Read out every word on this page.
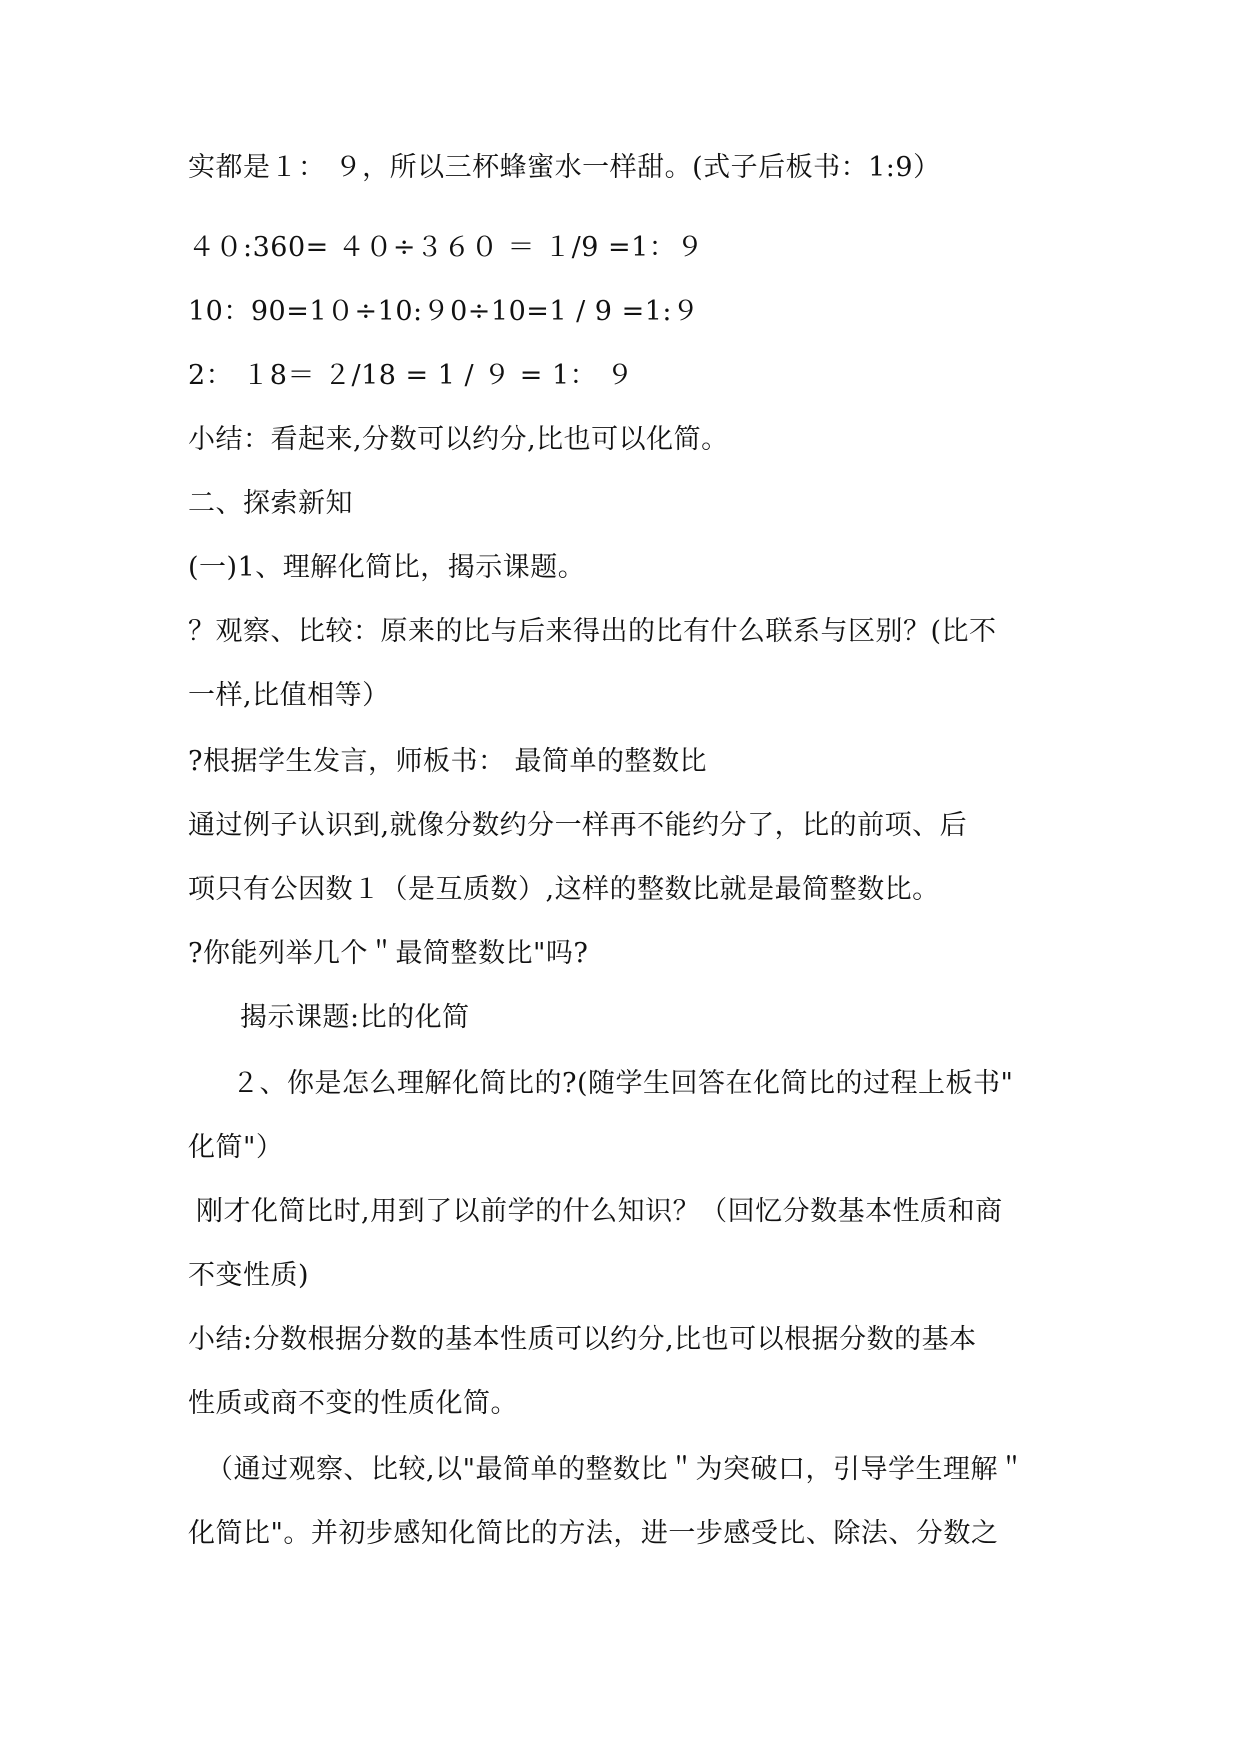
实都是１： ９，所以三杯蜂蜜水一样甜。(式子后板书：1:9）
４０:360= ４０÷３６０ ＝ １/9 =1：９
10：90=1０÷10:９0÷10=1 / 9 =1:９
2： １8＝ ２/18 = 1 / ９ = 1： ９
小结：看起来,分数可以约分,比也可以化简。
二、探索新知
(一)1、理解化简比，揭示课题。
？观察、比较：原来的比与后来得出的比有什么联系与区别？(比不
一样,比值相等）
?根据学生发言，师板书： 最简单的整数比
通过例子认识到,就像分数约分一样再不能约分了，比的前项、后
项只有公因数１（是互质数）,这样的整数比就是最简整数比。
?你能列举几个＂最简整数比"吗?
揭示课题:比的化简
２、你是怎么理解化简比的?(随学生回答在化简比的过程上板书"
化简"）
刚才化简比时,用到了以前学的什么知识？（回忆分数基本性质和商
不变性质)
小结:分数根据分数的基本性质可以约分,比也可以根据分数的基本
性质或商不变的性质化简。
（通过观察、比较,以"最简单的整数比＂为突破口，引导学生理解＂
化简比"。并初步感知化简比的方法，进一步感受比、除法、分数之
